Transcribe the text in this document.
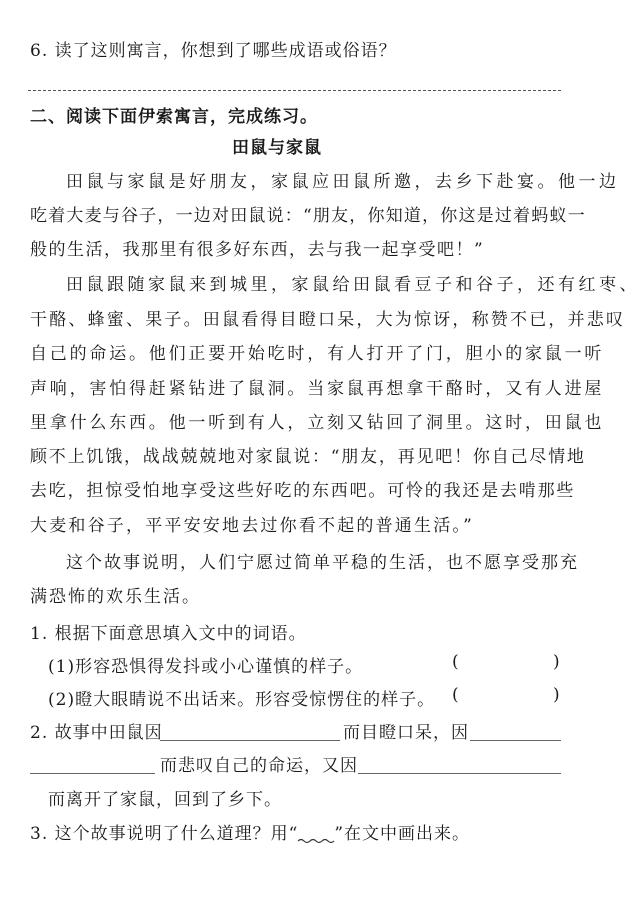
6. 读了这则寓言，你想到了哪些成语或俗语？
二、阅读下面伊索寓言，完成练习。
田鼠与家鼠
田鼠与家鼠是好朋友，家鼠应田鼠所邀，去乡下赴宴。他一边
吃着大麦与谷子，一边对田鼠说：“朋友，你知道，你这是过着蚂蚁一
般的生活，我那里有很多好东西，去与我一起享受吧！”
田鼠跟随家鼠来到城里，家鼠给田鼠看豆子和谷子，还有红枣、
干酪、蜂蜜、果子。田鼠看得目瞪口呆，大为惊讶，称赞不已，并悲叹
自己的命运。他们正要开始吃时，有人打开了门，胆小的家鼠一听
声响，害怕得赶紧钻进了鼠洞。当家鼠再想拿干酪时，又有人进屋
里拿什么东西。他一听到有人，立刻又钻回了洞里。这时，田鼠也
顾不上饥饿，战战兢兢地对家鼠说：“朋友，再见吧！你自己尽情地
去吃，担惊受怕地享受这些好吃的东西吧。可怜的我还是去啃那些
大麦和谷子，平平安安地去过你看不起的普通生活。”
这个故事说明，人们宁愿过简单平稳的生活，也不愿享受那充
满恐怖的欢乐生活。
1. 根据下面意思填入文中的词语。
(1)形容恐惧得发抖或小心谨慎的样子。	(	)
(2)瞪大眼睛说不出话来。形容受惊愣住的样子。 (	)
2. 故事中田鼠因	而目瞪口呆，因
而悲叹自己的命运，又因
而离开了家鼠，回到了乡下。
3. 这个故事说明了什么道理？用“ ”在文中画出来。
